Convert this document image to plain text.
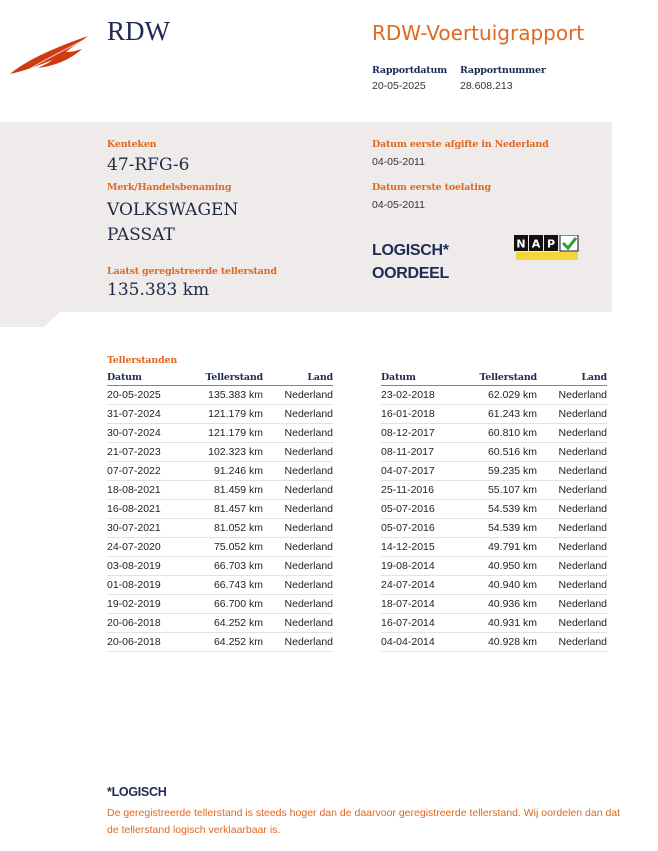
RDW	RDW-Voertuigrapport
Rapportdatum
20-05-2025
Rapportnummer
28.608.213
Kenteken
47-RFG-6
Merk/Handelsbenaming
VOLKSWAGEN
PASSAT
Laatst geregistreerde tellerstand
135.383 km
Datum eerste afgifte in Nederland
04-05-2011
Datum eerste toelating
04-05-2011
LOGISCH*
OORDEEL
N A P
Tellerstanden
Datum	Tellerstand	Land
20-05-2025	135.383 km	Nederland
31-07-2024	121.179 km	Nederland
30-07-2024	121.179 km	Nederland
21-07-2023	102.323 km	Nederland
07-07-2022	91.246 km	Nederland
18-08-2021	81.459 km	Nederland
16-08-2021	81.457 km	Nederland
30-07-2021	81.052 km	Nederland
24-07-2020	75.052 km	Nederland
03-08-2019	66.703 km	Nederland
01-08-2019	66.743 km	Nederland
19-02-2019	66.700 km	Nederland
20-06-2018	64.252 km	Nederland
20-06-2018	64.252 km	Nederland
Datum	Tellerstand	Land
23-02-2018	62.029 km	Nederland
16-01-2018	61.243 km	Nederland
08-12-2017	60.810 km	Nederland
08-11-2017	60.516 km	Nederland
04-07-2017	59.235 km	Nederland
25-11-2016	55.107 km	Nederland
05-07-2016	54.539 km	Nederland
05-07-2016	54.539 km	Nederland
14-12-2015	49.791 km	Nederland
19-08-2014	40.950 km	Nederland
24-07-2014	40.940 km	Nederland
18-07-2014	40.936 km	Nederland
16-07-2014	40.931 km	Nederland
04-04-2014	40.928 km	Nederland
*LOGISCH
De geregistreerde tellerstand is steeds hoger dan de daarvoor geregistreerde tellerstand. Wij oordelen dan dat de tellerstand logisch verklaarbaar is.
